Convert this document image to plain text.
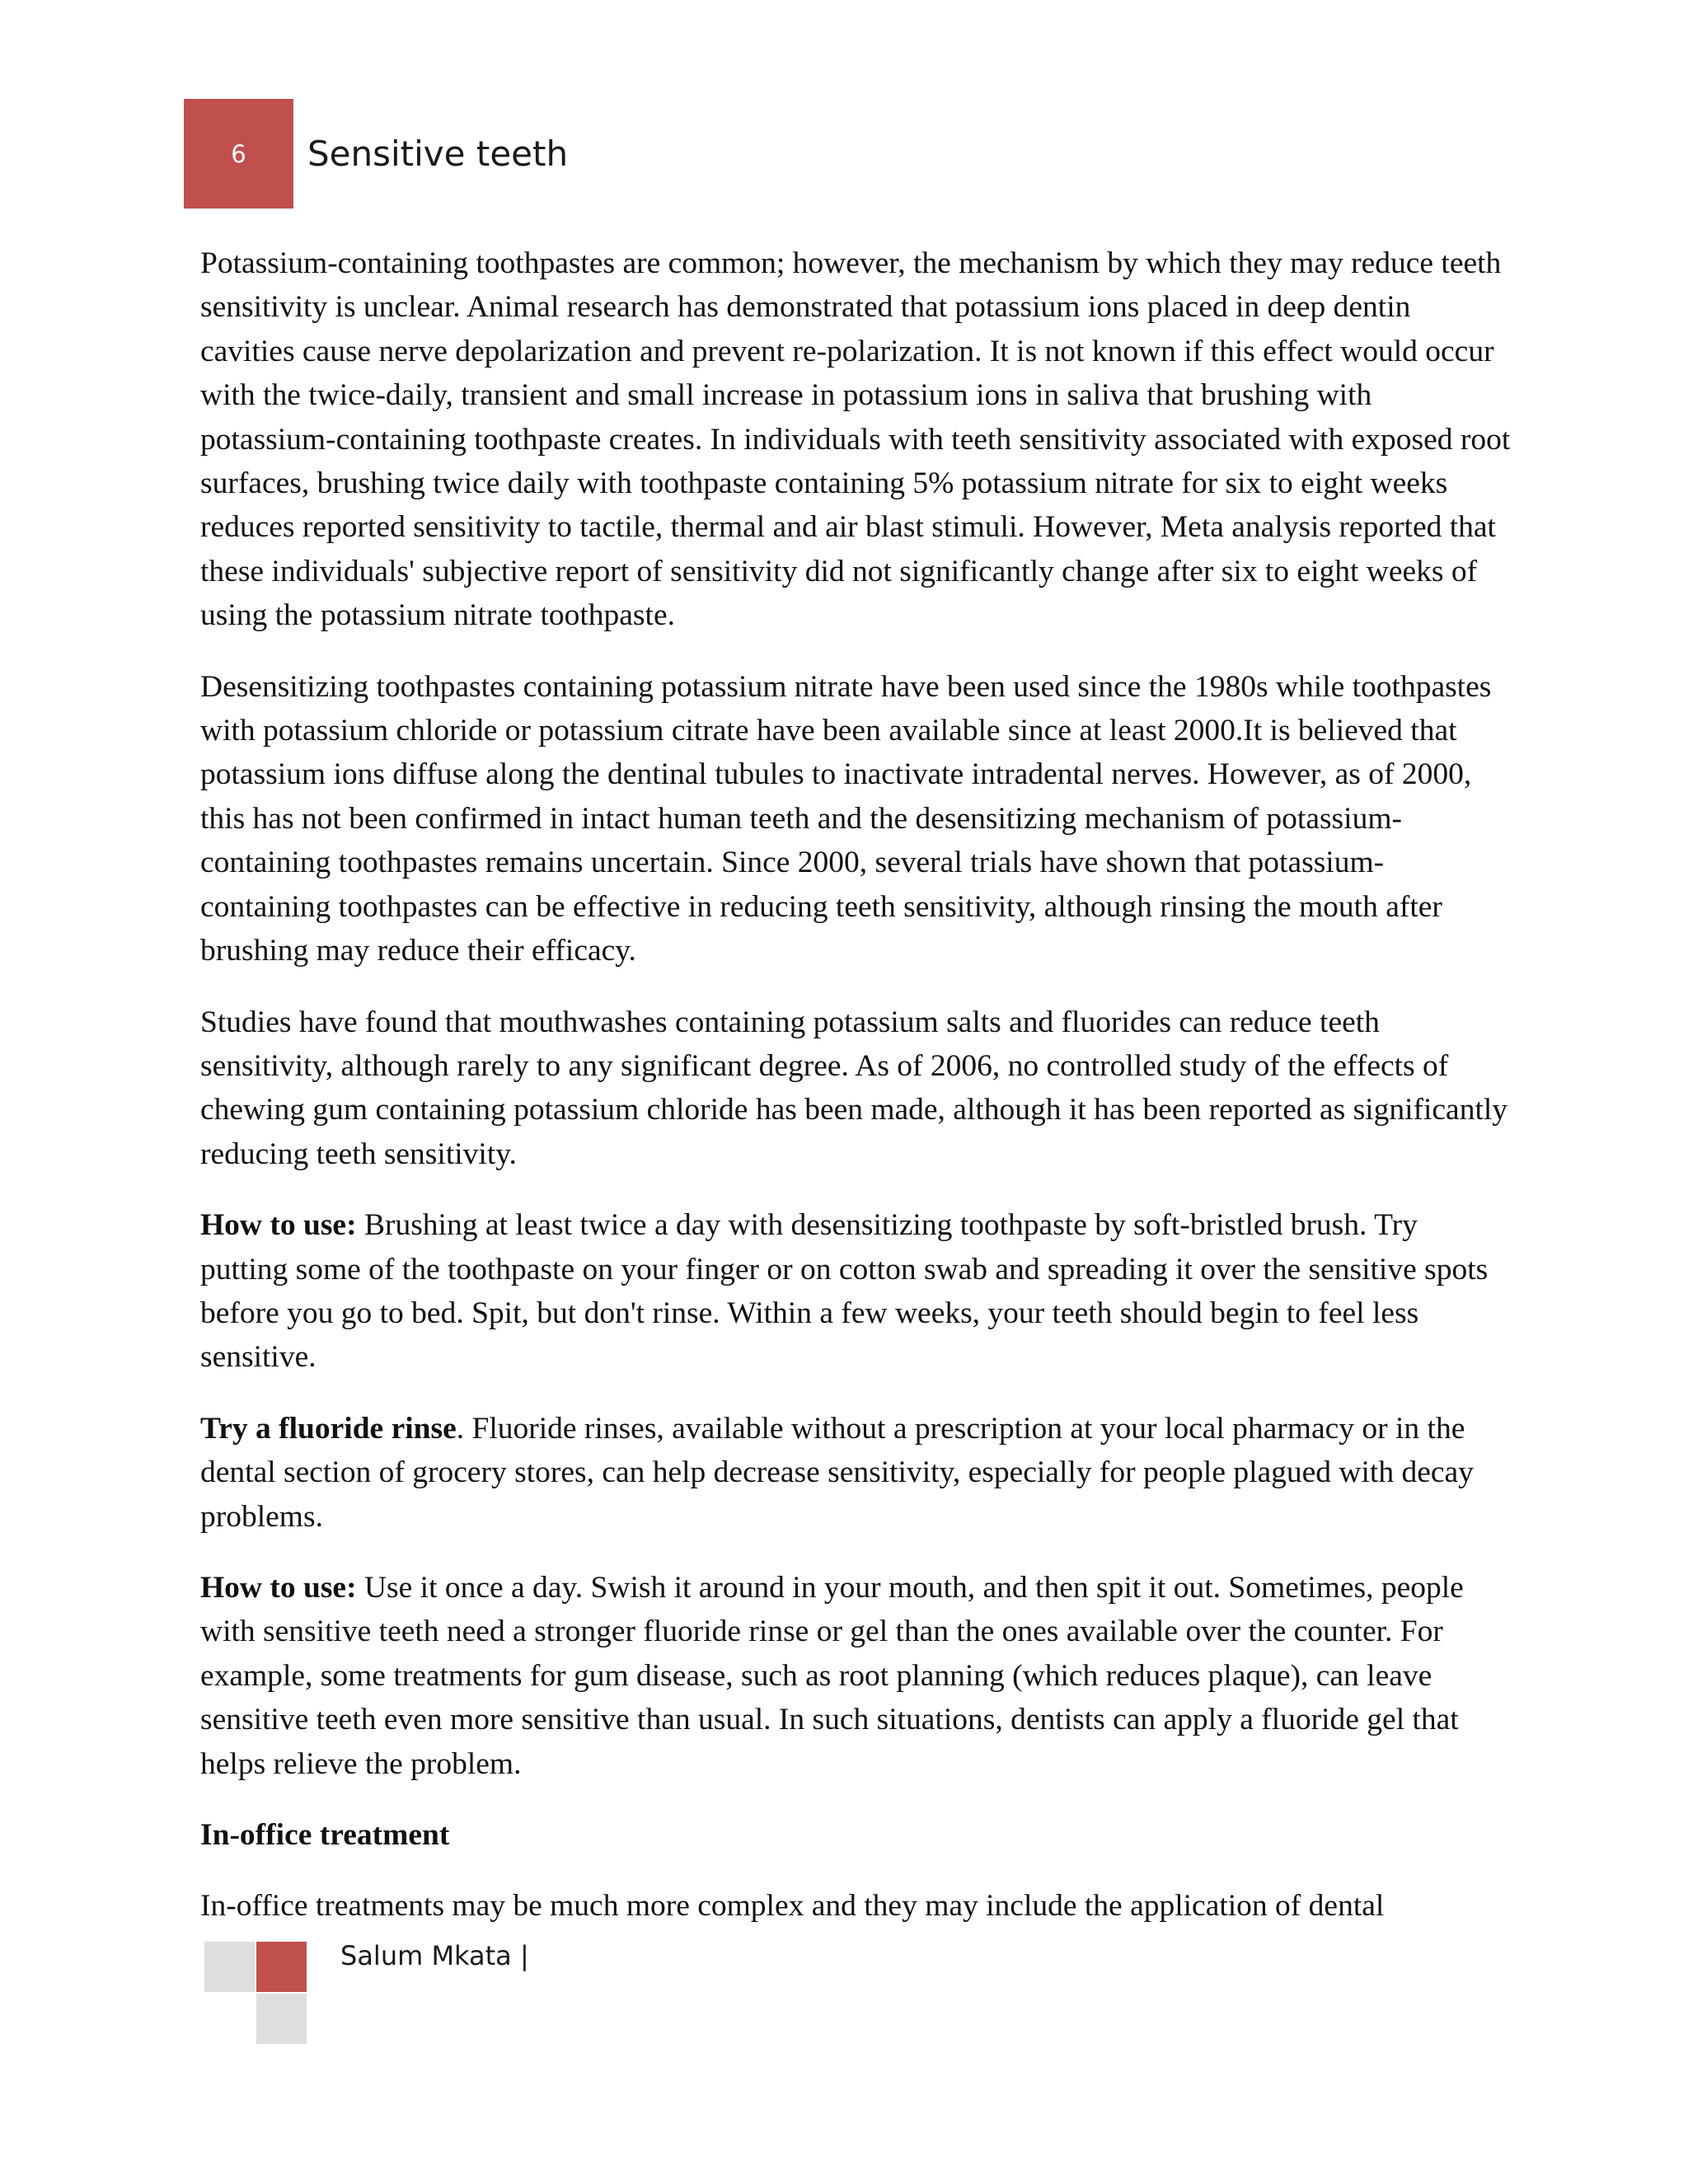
6 Sensitive teeth

Potassium-containing toothpastes are common; however, the mechanism by which they may reduce teeth sensitivity is unclear. Animal research has demonstrated that potassium ions placed in deep dentin cavities cause nerve depolarization and prevent re-polarization. It is not known if this effect would occur with the twice-daily, transient and small increase in potassium ions in saliva that brushing with potassium-containing toothpaste creates. In individuals with teeth sensitivity associated with exposed root surfaces, brushing twice daily with toothpaste containing 5% potassium nitrate for six to eight weeks reduces reported sensitivity to tactile, thermal and air blast stimuli. However, Meta analysis reported that these individuals' subjective report of sensitivity did not significantly change after six to eight weeks of using the potassium nitrate toothpaste.

Desensitizing toothpastes containing potassium nitrate have been used since the 1980s while toothpastes with potassium chloride or potassium citrate have been available since at least 2000.It is believed that potassium ions diffuse along the dentinal tubules to inactivate intradental nerves. However, as of 2000, this has not been confirmed in intact human teeth and the desensitizing mechanism of potassium-containing toothpastes remains uncertain. Since 2000, several trials have shown that potassium-containing toothpastes can be effective in reducing teeth sensitivity, although rinsing the mouth after brushing may reduce their efficacy.

Studies have found that mouthwashes containing potassium salts and fluorides can reduce teeth sensitivity, although rarely to any significant degree. As of 2006, no controlled study of the effects of chewing gum containing potassium chloride has been made, although it has been reported as significantly reducing teeth sensitivity.

How to use: Brushing at least twice a day with desensitizing toothpaste by soft-bristled brush. Try putting some of the toothpaste on your finger or on cotton swab and spreading it over the sensitive spots before you go to bed. Spit, but don't rinse. Within a few weeks, your teeth should begin to feel less sensitive.

Try a fluoride rinse. Fluoride rinses, available without a prescription at your local pharmacy or in the dental section of grocery stores, can help decrease sensitivity, especially for people plagued with decay problems.

How to use: Use it once a day. Swish it around in your mouth, and then spit it out. Sometimes, people with sensitive teeth need a stronger fluoride rinse or gel than the ones available over the counter. For example, some treatments for gum disease, such as root planning (which reduces plaque), can leave sensitive teeth even more sensitive than usual. In such situations, dentists can apply a fluoride gel that helps relieve the problem.

In-office treatment

In-office treatments may be much more complex and they may include the application of dental

Salum Mkata |
